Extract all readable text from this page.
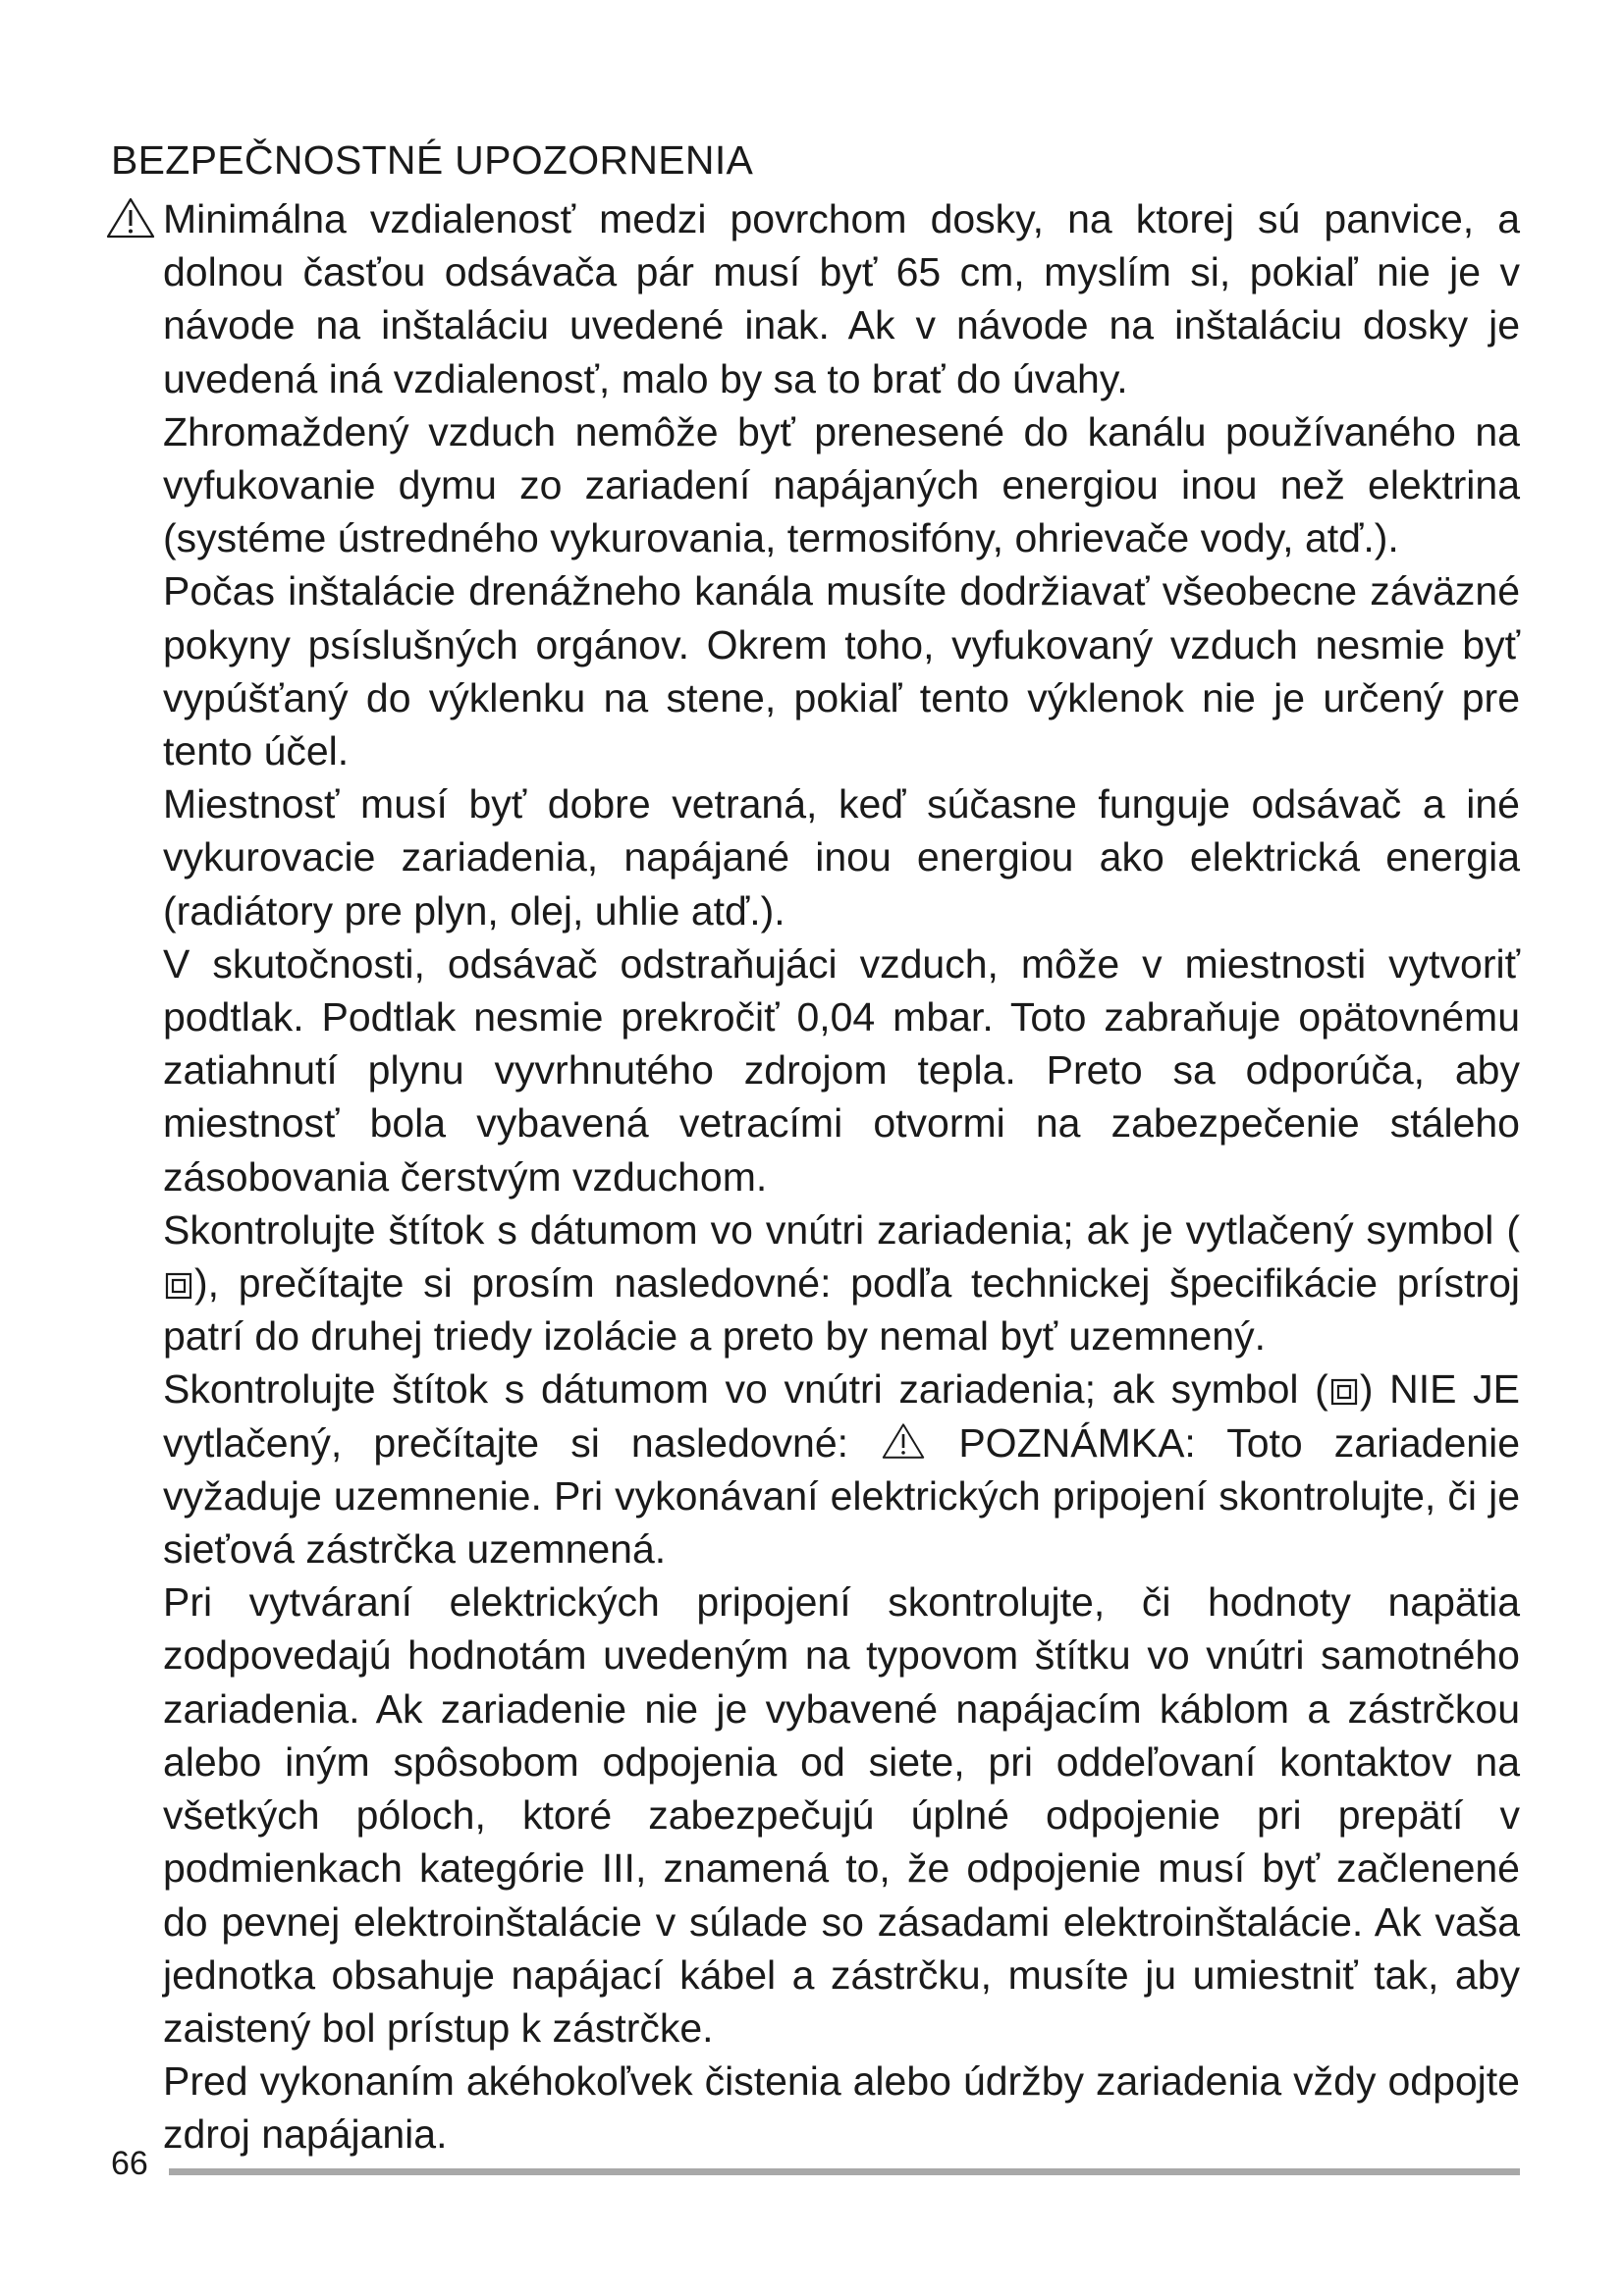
BEZPEČNOSTNÉ UPOZORNENIA

Minimálna vzdialenosť medzi povrchom dosky, na ktorej sú panvice, a dolnou časťou odsávača pár musí byť 65 cm, myslím si, pokiaľ nie je v návode na inštaláciu uvedené inak. Ak v návode na inštaláciu dosky je uvedená iná vzdialenosť, malo by sa to brať do úvahy.

Zhromaždený vzduch nemôže byť prenesené do kanálu používaného na vyfukovanie dymu zo zariadení napájaných energiou inou než elektrina (systéme ústredného vykurovania, termosifóny, ohrievače vody, atď.).

Počas inštalácie drenážneho kanála musíte dodržiavať všeobecne záväzné pokyny psíslušných orgánov. Okrem toho, vyfukovaný vzduch nesmie byť vypúšťaný do výklenku na stene, pokiaľ tento výklenok nie je určený pre tento účel.

Miestnosť musí byť dobre vetraná, keď súčasne funguje odsávač a iné vykurovacie zariadenia, napájané inou energiou ako elektrická energia (radiátory pre plyn, olej, uhlie atď.).

V skutočnosti, odsávač odstraňujáci vzduch, môže v miestnosti vytvoriť podtlak. Podtlak nesmie prekročiť 0,04 mbar. Toto zabraňuje opätovnému zatiahnutí plynu vyvrhnutého zdrojom tepla. Preto sa odporúča, aby miestnosť bola vybavená vetracími otvormi na zabezpečenie stáleho zásobovania čerstvým vzduchom.

Skontrolujte štítok s dátumom vo vnútri zariadenia; ak je vytlačený symbol (), prečítajte si prosím nasledovné: podľa technickej špecifikácie prístroj patrí do druhej triedy izolácie a preto by nemal byť uzemnený.

Skontrolujte štítok s dátumom vo vnútri zariadenia; ak symbol ( ) NIE JE vytlačený, prečítajte si nasledovné:	POZNÁMKA: Toto zariadenie vyžaduje uzemnenie. Pri vykonávaní elektrických pripojení skontrolujte, či je sieťová zástrčka uzemnená.

Pri vytváraní elektrických pripojení skontrolujte, či hodnoty napätia zodpovedajú hodnotám uvedeným na typovom štítku vo vnútri samotného zariadenia. Ak zariadenie nie je vybavené napájacím káblom a zástrčkou alebo iným spôsobom odpojenia od siete, pri oddeľovaní kontaktov na všetkých póloch, ktoré zabezpečujú úplné odpojenie pri prepätí v podmienkach kategórie III, znamená to, že odpojenie musí byť začlenené do pevnej elektroinštalácie v súlade so zásadami elektroinštalácie. Ak vaša jednotka obsahuje napájací kábel a zástrčku, musíte ju umiestniť tak, aby zaistený bol prístup k zástrčke.

Pred vykonaním akéhokoľvek čistenia alebo údržby zariadenia vždy odpojte zdroj napájania.

66
